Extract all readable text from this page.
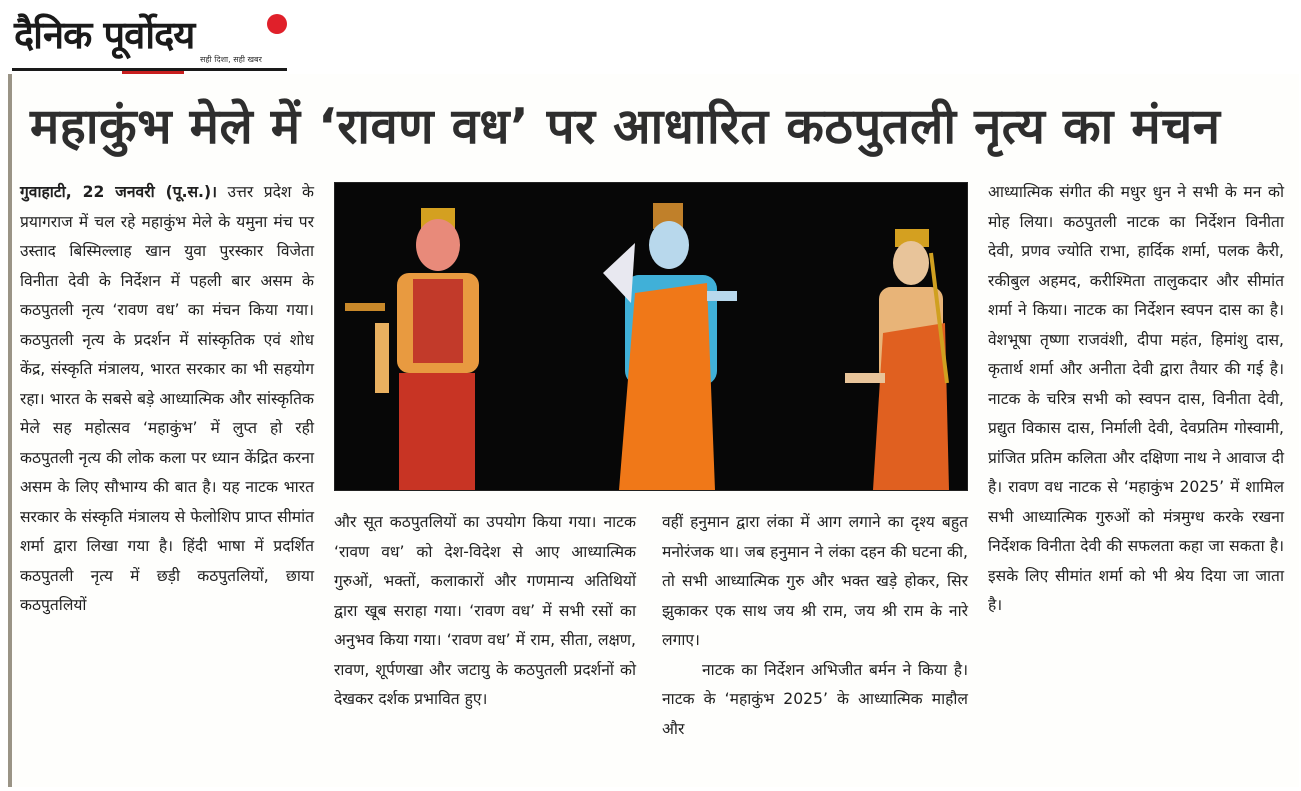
दैनिक पूर्वोदय
सही दिशा, सही खबर
महाकुंभ मेले में ‘रावण वध’ पर आधारित कठपुतली नृत्य का मंचन

गुवाहाटी, 22 जनवरी (पू.स.)। उत्तर प्रदेश के प्रयागराज में चल रहे महाकुंभ मेले के यमुना मंच पर उस्ताद बिस्मिल्लाह खान युवा पुरस्कार विजेता विनीता देवी के निर्देशन में पहली बार असम के कठपुतली नृत्य ‘रावण वध’ का मंचन किया गया। कठपुतली नृत्य के प्रदर्शन में सांस्कृतिक एवं शोध केंद्र, संस्कृति मंत्रालय, भारत सरकार का भी सहयोग रहा। भारत के सबसे बड़े आध्यात्मिक और सांस्कृतिक मेले सह महोत्सव ‘महाकुंभ’ में लुप्त हो रही कठपुतली नृत्य की लोक कला पर ध्यान केंद्रित करना असम के लिए सौभाग्य की बात है। यह नाटक भारत सरकार के संस्कृति मंत्रालय से फेलोशिप प्राप्त सीमांत शर्मा द्वारा लिखा गया है। हिंदी भाषा में प्रदर्शित कठपुतली नृत्य में छड़ी कठपुतलियों, छाया कठपुतलियों

और सूत कठपुतलियों का उपयोग किया गया। नाटक ‘रावण वध’ को देश-विदेश से आए आध्यात्मिक गुरुओं, भक्तों, कलाकारों और गणमान्य अतिथियों द्वारा खूब सराहा गया। ‘रावण वध’ में सभी रसों का अनुभव किया गया। ‘रावण वध’ में राम, सीता, लक्षण, रावण, शूर्पणखा और जटायु के कठपुतली प्रदर्शनों को देखकर दर्शक प्रभावित हुए।

वहीं हनुमान द्वारा लंका में आग लगाने का दृश्य बहुत मनोरंजक था। जब हनुमान ने लंका दहन की घटना की, तो सभी आध्यात्मिक गुरु और भक्त खड़े होकर, सिर झुकाकर एक साथ जय श्री राम, जय श्री राम के नारे लगाए।

नाटक का निर्देशन अभिजीत बर्मन ने किया है। नाटक के ‘महाकुंभ 2025’ के आध्यात्मिक माहौल और

आध्यात्मिक संगीत की मधुर धुन ने सभी के मन को मोह लिया। कठपुतली नाटक का निर्देशन विनीता देवी, प्रणव ज्योति राभा, हार्दिक शर्मा, पलक कैरी, रकीबुल अहमद, करीश्मिता तालुकदार और सीमांत शर्मा ने किया। नाटक का निर्देशन स्वपन दास का है। वेशभूषा तृष्णा राजवंशी, दीपा महंत, हिमांशु दास, कृतार्थ शर्मा और अनीता देवी द्वारा तैयार की गई है। नाटक के चरित्र सभी को स्वपन दास, विनीता देवी, प्रद्युत विकास दास, निर्माली देवी, देवप्रतिम गोस्वामी, प्रांजित प्रतिम कलिता और दक्षिणा नाथ ने आवाज दी है। रावण वध नाटक से ‘महाकुंभ 2025’ में शामिल सभी आध्यात्मिक गुरुओं को मंत्रमुग्ध करके रखना निर्देशक विनीता देवी की सफलता कहा जा सकता है। इसके लिए सीमांत शर्मा को भी श्रेय दिया जा जाता है।
